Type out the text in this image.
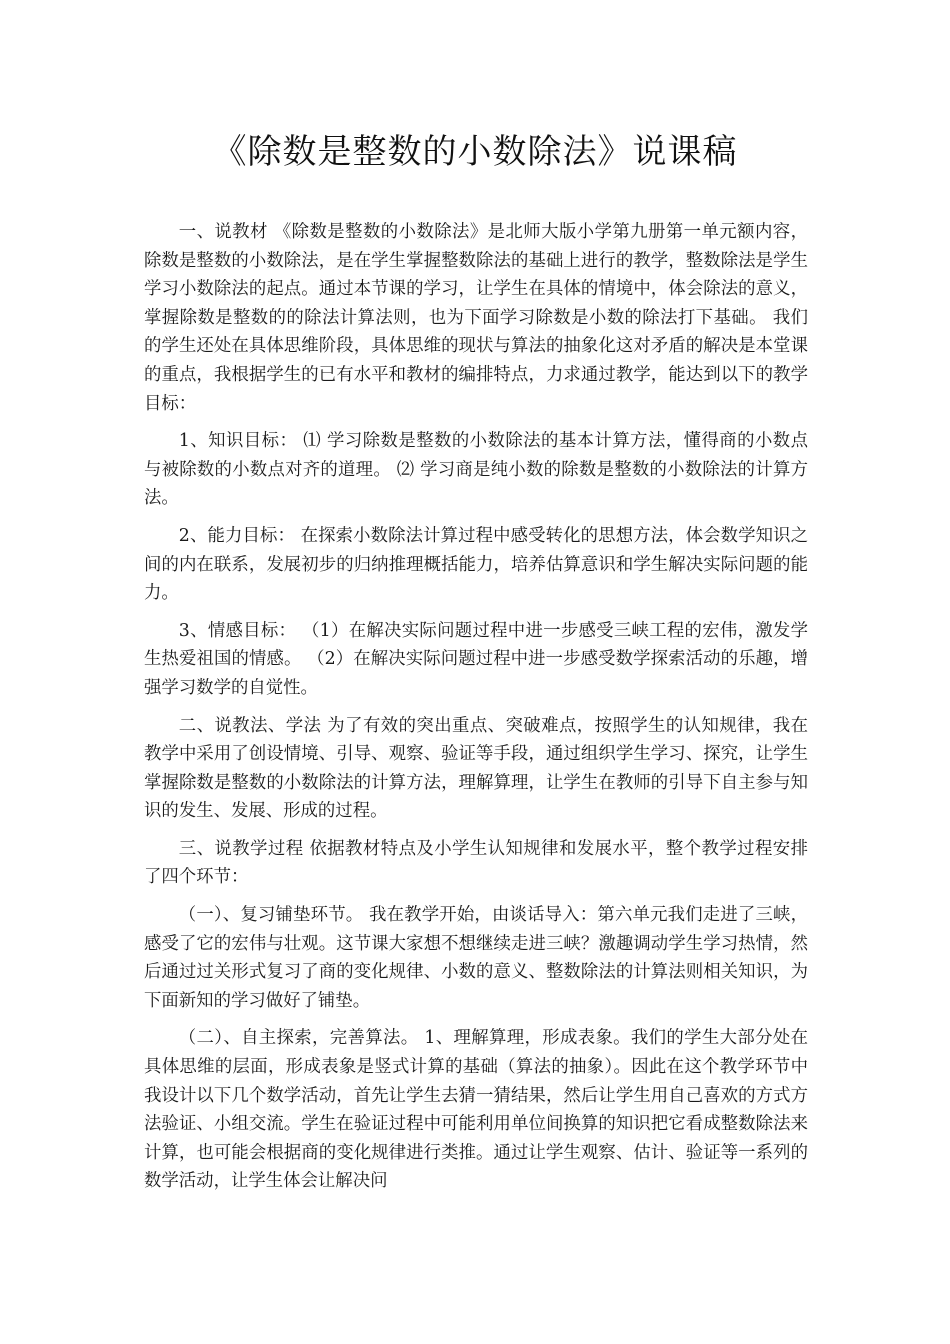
《除数是整数的小数除法》说课稿

一、说教材 《除数是整数的小数除法》是北师大版小学第九册第一单元额内容，除数是整数的小数除法，是在学生掌握整数除法的基础上进行的教学，整数除法是学生学习小数除法的起点。通过本节课的学习，让学生在具体的情境中，体会除法的意义，掌握除数是整数的的除法计算法则，也为下面学习除数是小数的除法打下基础。 我们的学生还处在具体思维阶段，具体思维的现状与算法的抽象化这对矛盾的解决是本堂课的重点，我根据学生的已有水平和教材的编排特点，力求通过教学，能达到以下的教学目标：

1、知识目标： ⑴ 学习除数是整数的小数除法的基本计算方法，懂得商的小数点与被除数的小数点对齐的道理。 ⑵ 学习商是纯小数的除数是整数的小数除法的计算方法。

2、能力目标： 在探索小数除法计算过程中感受转化的思想方法，体会数学知识之间的内在联系，发展初步的归纳推理概括能力，培养估算意识和学生解决实际问题的能力。

3、情感目标： （1）在解决实际问题过程中进一步感受三峡工程的宏伟，激发学生热爱祖国的情感。 （2）在解决实际问题过程中进一步感受数学探索活动的乐趣，增强学习数学的自觉性。

二、说教法、学法 为了有效的突出重点、突破难点，按照学生的认知规律，我在教学中采用了创设情境、引导、观察、验证等手段，通过组织学生学习、探究，让学生掌握除数是整数的小数除法的计算方法，理解算理，让学生在教师的引导下自主参与知识的发生、发展、形成的过程。

三、说教学过程 依据教材特点及小学生认知规律和发展水平，整个教学过程安排了四个环节：

（一）、复习铺垫环节。 我在教学开始，由谈话导入：第六单元我们走进了三峡，感受了它的宏伟与壮观。这节课大家想不想继续走进三峡？激趣调动学生学习热情，然后通过过关形式复习了商的变化规律、小数的意义、整数除法的计算法则相关知识，为下面新知的学习做好了铺垫。

（二）、自主探索，完善算法。 1、理解算理，形成表象。我们的学生大部分处在具体思维的层面，形成表象是竖式计算的基础（算法的抽象）。因此在这个教学环节中我设计以下几个数学活动，首先让学生去猜一猜结果，然后让学生用自己喜欢的方式方法验证、小组交流。学生在验证过程中可能利用单位间换算的知识把它看成整数除法来计算，也可能会根据商的变化规律进行类推。通过让学生观察、估计、验证等一系列的数学活动，让学生体会让解决问
